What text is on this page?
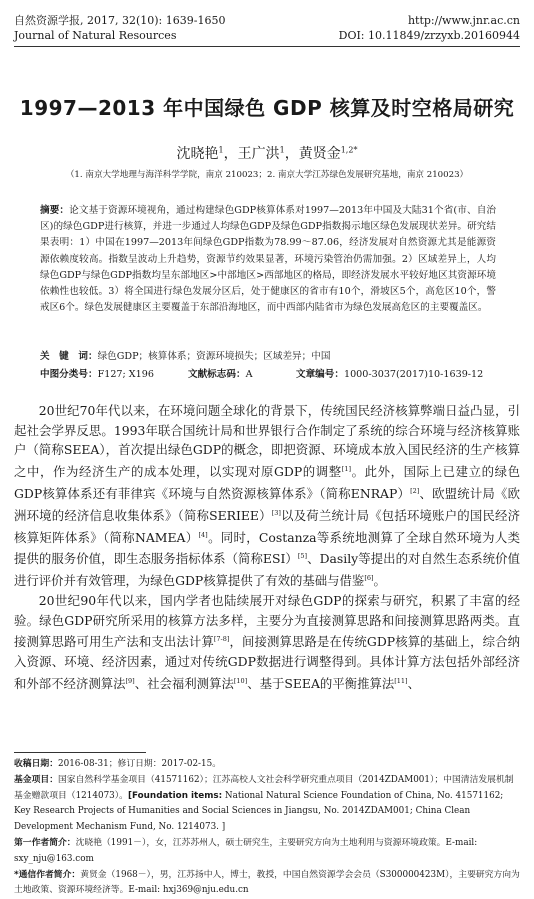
自然资源学报, 2017, 32(10): 1639-1650
Journal of Natural Resources
http://www.jnr.ac.cn
DOI: 10.11849/zrzyxb.20160944
1997—2013 年中国绿色 GDP 核算及时空格局研究
沈晓艳$^1$，王广洪$^1$，黄贤金$^{1,2*}$
（1. 南京大学地理与海洋科学学院，南京 210023；2. 南京大学江苏绿色发展研究基地，南京 210023）
摘要：论文基于资源环境视角，通过构建绿色GDP核算体系对1997—2013年中国及大陆31个省(市、自治区)的绿色GDP进行核算，并进一步通过人均绿色GDP及绿色GDP指数揭示地区绿色发展现状差异。研究结果表明：1）中国在1997—2013年间绿色GDP指数为78.99～87.06，经济发展对自然资源尤其是能源资源依赖度较高。指数呈波动上升趋势，资源节约效果显著，环境污染管治仍需加强。2）区域差异上，人均绿色GDP与绿色GDP指数均呈东部地区>中部地区>西部地区的格局，即经济发展水平较好地区其资源环境依赖性也较低。3）将全国进行绿色发展分区后，处于健康区的省市有10个，滑坡区5个，高危区10个，警戒区6个。绿色发展健康区主要覆盖于东部沿海地区，而中西部内陆省市为绿色发展高危区的主要覆盖区。
关　键　词：绿色GDP；核算体系；资源环境损失；区域差异；中国
中图分类号：F127; X196	文献标志码：A	文章编号：1000-3037(2017)10-1639-12

20世纪70年代以来，在环境问题全球化的背景下，传统国民经济核算弊端日益凸显，引起社会学界反思。1993年联合国统计局和世界银行合作制定了系统的综合环境与经济核算账户（简称SEEA），首次提出绿色GDP的概念，即把资源、环境成本放入国民经济的生产核算之中，作为经济生产的成本处理，以实现对原GDP的调整[1]。此外，国际上已建立的绿色GDP核算体系还有菲律宾《环境与自然资源核算体系》（简称ENRAP）[2]、欧盟统计局《欧洲环境的经济信息收集体系》（简称SERIEE）[3]以及荷兰统计局《包括环境账户的国民经济核算矩阵体系》（简称NAMEA）[4]。同时，Costanza等系统地测算了全球自然环境为人类提供的服务价值，即生态服务指标体系（简称ESI）[5]、Dasily等提出的对自然生态系统价值进行评价并有效管理，为绿色GDP核算提供了有效的基础与借鉴[6]。

20世纪90年代以来，国内学者也陆续展开对绿色GDP的探索与研究，积累了丰富的经验。绿色GDP研究所采用的核算方法多样，主要分为直接测算思路和间接测算思路两类。直接测算思路可用生产法和支出法计算[7-8]，间接测算思路是在传统GDP核算的基础上，综合纳入资源、环境、经济因素，通过对传统GDP数据进行调整得到。具体计算方法包括外部经济和外部不经济测算法[9]、社会福利测算法[10]、基于SEEA的平衡推算法[11]、

收稿日期：2016-08-31；修订日期：2017-02-15。

基金项目：国家自然科学基金项目（41571162）；江苏高校人文社会科学研究重点项目（2014ZDAM001）；中国清洁发展机制基金赠款项目（1214073）。[Foundation items: National Natural Science Foundation of China, No. 41571162; Key Research Projects of Humanities and Social Sciences in Jiangsu, No. 2014ZDAM001; China Clean Development Mechanism Fund, No. 1214073. ]

第一作者简介：沈晓艳（1991－），女，江苏苏州人，硕士研究生，主要研究方向为土地利用与资源环境政策。E-mail: sxy_nju@163.com

*通信作者简介：黄贤金（1968－），男，江苏扬中人，博士，教授，中国自然资源学会会员（S300000423M），主要研究方向为土地政策、资源环境经济等。E-mail: hxj369@nju.edu.cn
